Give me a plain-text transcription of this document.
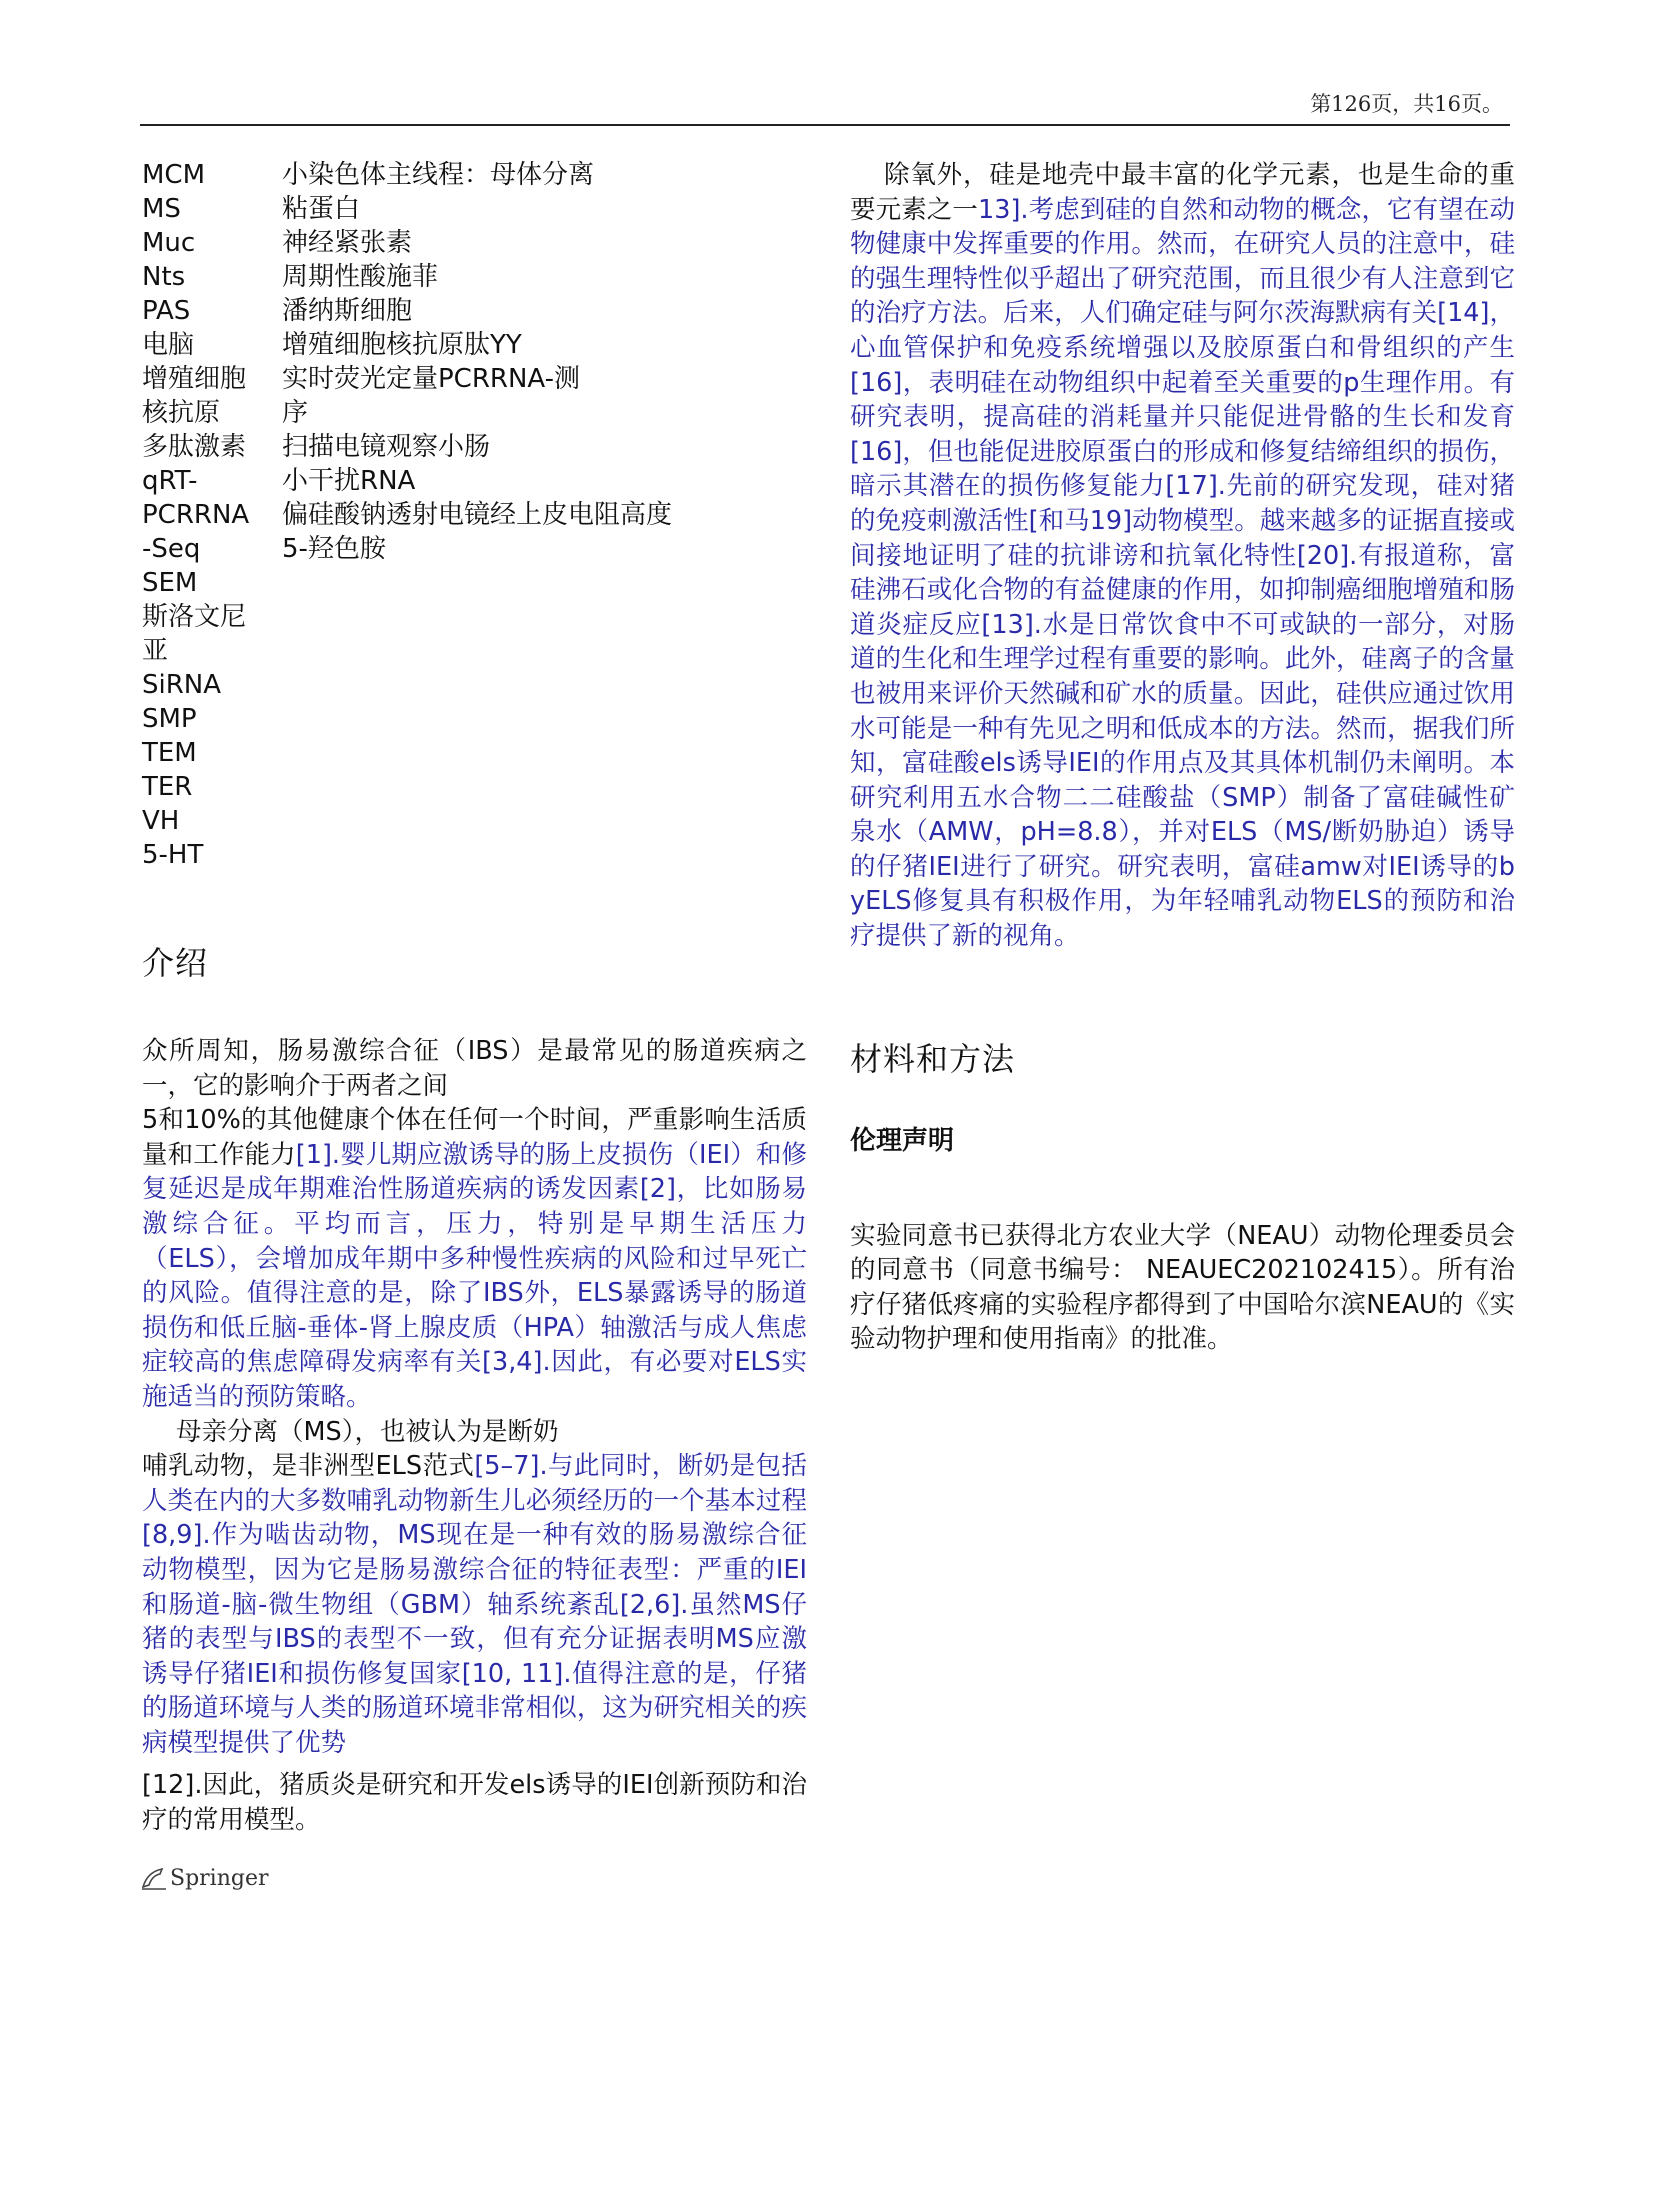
第126页，共16页。
MCM
MS
Muc
Nts
PAS
电脑
增殖细胞
核抗原
多肽激素
qRT-
PCRRNA
-Seq
SEM
斯洛文尼
亚
SiRNA
SMP
TEM
TER
VH
5-HT
小染色体主线程：母体分离
粘蛋白
神经紧张素
周期性酸施菲
潘纳斯细胞
增殖细胞核抗原肽YY
实时荧光定量PCRRNA-测
序
扫描电镜观察小肠
小干扰RNA
偏硅酸钠透射电镜经上皮电阻高度
5-羟色胺
介绍

众所周知，肠易激综合征（IBS）是最常见的肠道疾病之一，它的影响介于两者之间

5和10%的其他健康个体在任何一个时间，严重影响生活质量和工作能力[1].婴儿期应激诱导的肠上皮损伤（IEI）和修复延迟是成年期难治性肠道疾病的诱发因素[2]，比如肠易激综合征。平均而言，压力，特别是早期生活压力（ELS），会增加成年期中多种慢性疾病的风险和过早死亡的风险。值得注意的是，除了IBS外，ELS暴露诱导的肠道损伤和低丘脑-垂体-肾上腺皮质（HPA）轴激活与成人焦虑症较高的焦虑障碍发病率有关[3,4].因此，有必要对ELS实施适当的预防策略。

母亲分离（MS），也被认为是断奶

哺乳动物，是非洲型ELS范式[5–7].与此同时，断奶是包括人类在内的大多数哺乳动物新生儿必须经历的一个基本过程[8,9].作为啮齿动物，MS现在是一种有效的肠易激综合征动物模型，因为它是肠易激综合征的特征表型：严重的IEI和肠道-脑-微生物组（GBM）轴系统紊乱[2,6].虽然MS仔猪的表型与IBS的表型不一致，但有充分证据表明MS应激诱导仔猪IEI和损伤修复国家[10, 11].值得注意的是，仔猪的肠道环境与人类的肠道环境非常相似，这为研究相关的疾病模型提供了优势

[12].因此，猪质炎是研究和开发els诱导的IEI创新预防和治疗的常用模型。

除氧外，硅是地壳中最丰富的化学元素，也是生命的重要元素之一13].考虑到硅的自然和动物的概念，它有望在动物健康中发挥重要的作用。然而，在研究人员的注意中，硅的强生理特性似乎超出了研究范围，而且很少有人注意到它的治疗方法。后来，人们确定硅与阿尔茨海默病有关[14]，心血管保护和免疫系统增强以及胶原蛋白和骨组织的产生[16]，表明硅在动物组织中起着至关重要的p生理作用。有研究表明，提高硅的消耗量并只能促进骨骼的生长和发育[16]，但也能促进胶原蛋白的形成和修复结缔组织的损伤，暗示其潜在的损伤修复能力[17].先前的研究发现，硅对猪的免疫刺激活性[和马19]动物模型。越来越多的证据直接或间接地证明了硅的抗诽谤和抗氧化特性[20].有报道称，富硅沸石或化合物的有益健康的作用，如抑制癌细胞增殖和肠道炎症反应[13].水是日常饮食中不可或缺的一部分，对肠道的生化和生理学过程有重要的影响。此外，硅离子的含量也被用来评价天然碱和矿水的质量。因此，硅供应通过饮用水可能是一种有先见之明和低成本的方法。然而，据我们所知，富硅酸els诱导IEI的作用点及其具体机制仍未阐明。本研究利用五水合物二二硅酸盐（SMP）制备了富硅碱性矿泉水（AMW，pH=8.8），并对ELS（MS/断奶胁迫）诱导的仔猪IEI进行了研究。研究表明，富硅amw对IEI诱导的b yELS修复具有积极作用，为年轻哺乳动物ELS的预防和治疗提供了新的视角。

材料和方法
伦理声明

实验同意书已获得北方农业大学（NEAU）动物伦理委员会的同意书（同意书编号： NEAUEC202102415）。所有治疗仔猪低疼痛的实验程序都得到了中国哈尔滨NEAU的《实验动物护理和使用指南》的批准。

Springer
